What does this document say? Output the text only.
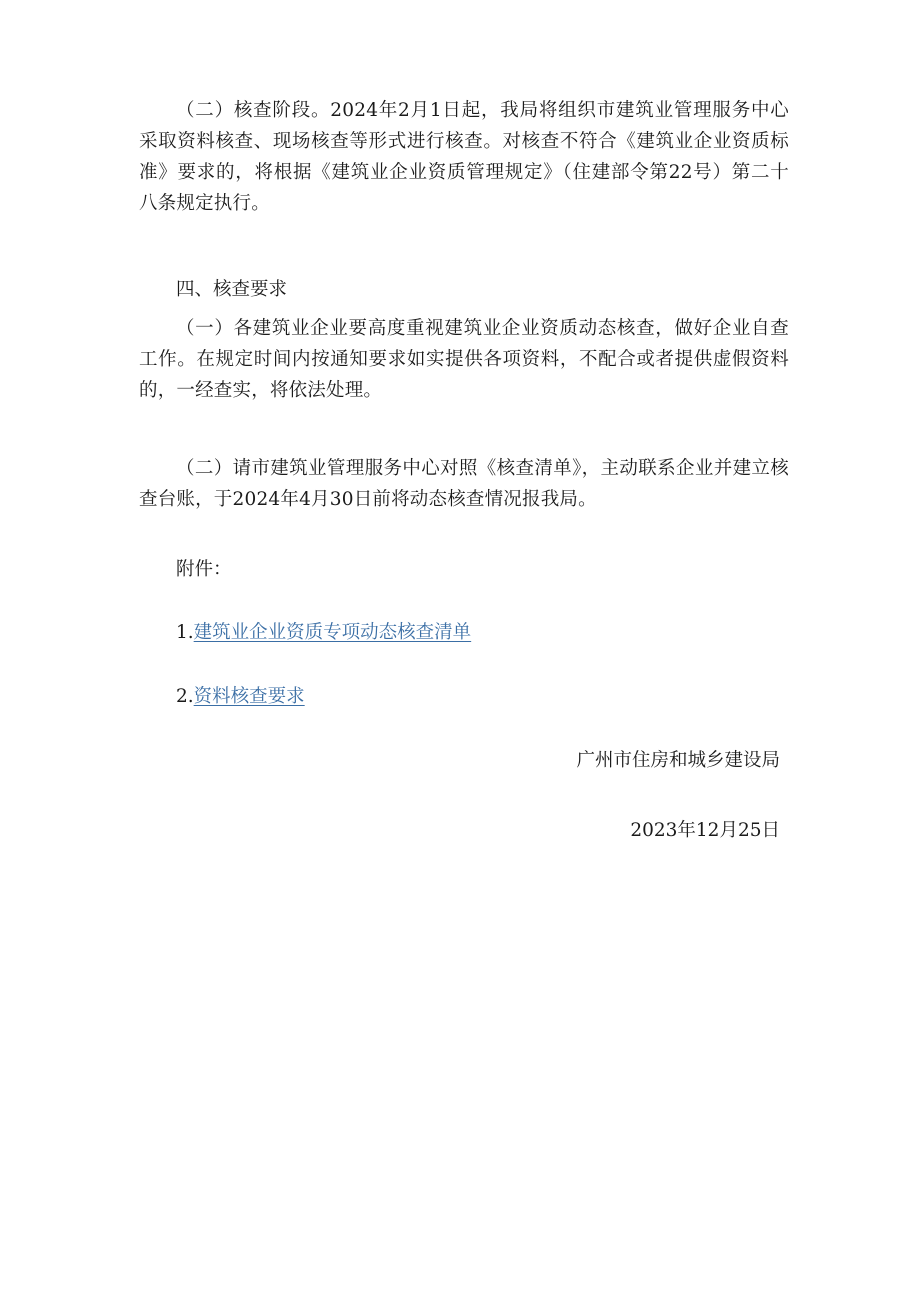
（二）核查阶段。2024年2月1日起，我局将组织市建筑业管理服务中心采取资料核查、现场核查等形式进行核查。对核查不符合《建筑业企业资质标准》要求的，将根据《建筑业企业资质管理规定》（住建部令第22号）第二十八条规定执行。

四、核查要求

（一）各建筑业企业要高度重视建筑业企业资质动态核查，做好企业自查工作。在规定时间内按通知要求如实提供各项资料，不配合或者提供虚假资料的，一经查实，将依法处理。

（二）请市建筑业管理服务中心对照《核查清单》，主动联系企业并建立核查台账，于2024年4月30日前将动态核查情况报我局。

附件：

1.建筑业企业资质专项动态核查清单

2.资料核查要求

广州市住房和城乡建设局

2023年12月25日
